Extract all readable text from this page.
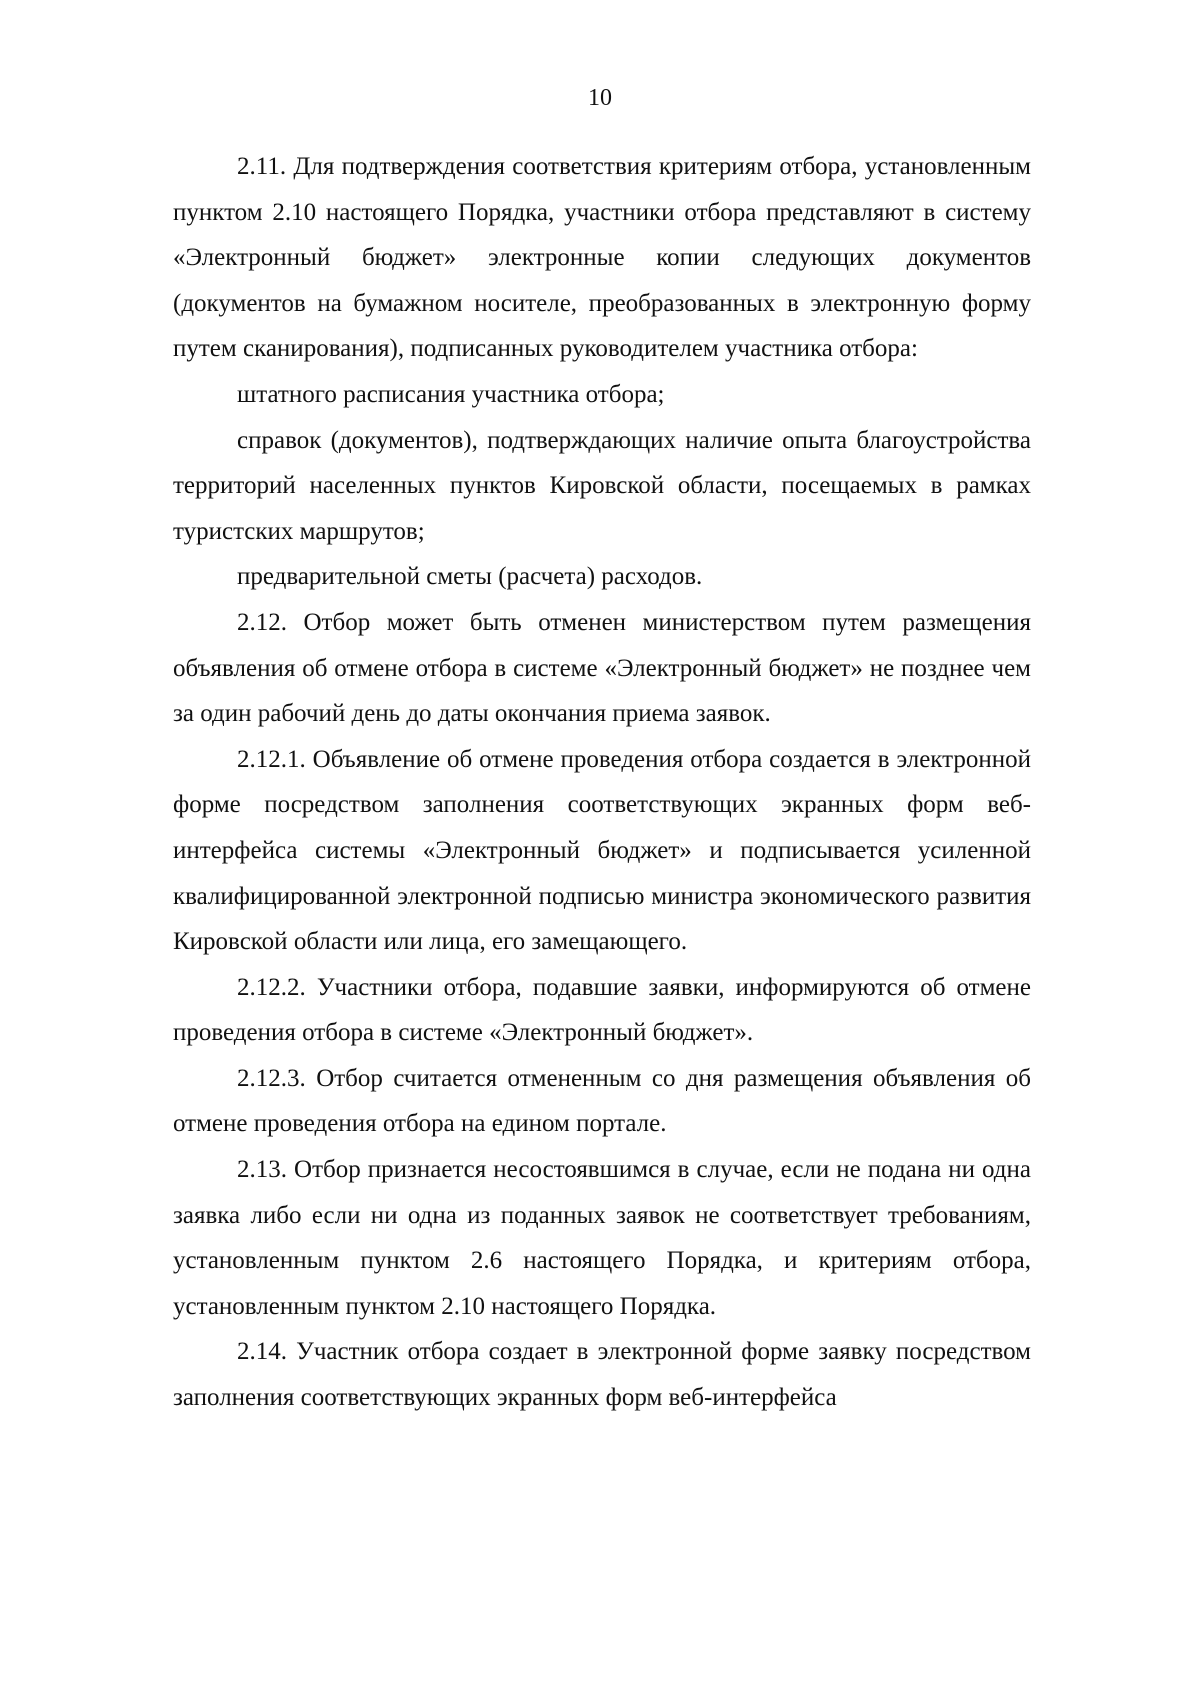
10

2.11. Для подтверждения соответствия критериям отбора, установленным пунктом 2.10 настоящего Порядка, участники отбора представляют в систему «Электронный бюджет» электронные копии следующих документов (документов на бумажном носителе, преобразованных в электронную форму путем сканирования), подписанных руководителем участника отбора:

штатного расписания участника отбора;

справок (документов), подтверждающих наличие опыта благоустройства территорий населенных пунктов Кировской области, посещаемых в рамках туристских маршрутов;

предварительной сметы (расчета) расходов.

2.12. Отбор может быть отменен министерством путем размещения объявления об отмене отбора в системе «Электронный бюджет» не позднее чем за один рабочий день до даты окончания приема заявок.

2.12.1. Объявление об отмене проведения отбора создается в электронной форме посредством заполнения соответствующих экранных форм веб-интерфейса системы «Электронный бюджет» и подписывается усиленной квалифицированной электронной подписью министра экономического развития Кировской области или лица, его замещающего.

2.12.2. Участники отбора, подавшие заявки, информируются об отмене проведения отбора в системе «Электронный бюджет».

2.12.3. Отбор считается отмененным со дня размещения объявления об отмене проведения отбора на едином портале.

2.13. Отбор признается несостоявшимся в случае, если не подана ни одна заявка либо если ни одна из поданных заявок не соответствует требованиям, установленным пунктом 2.6 настоящего Порядка, и критериям отбора, установленным пунктом 2.10 настоящего Порядка.

2.14. Участник отбора создает в электронной форме заявку посредством заполнения соответствующих экранных форм веб-интерфейса
